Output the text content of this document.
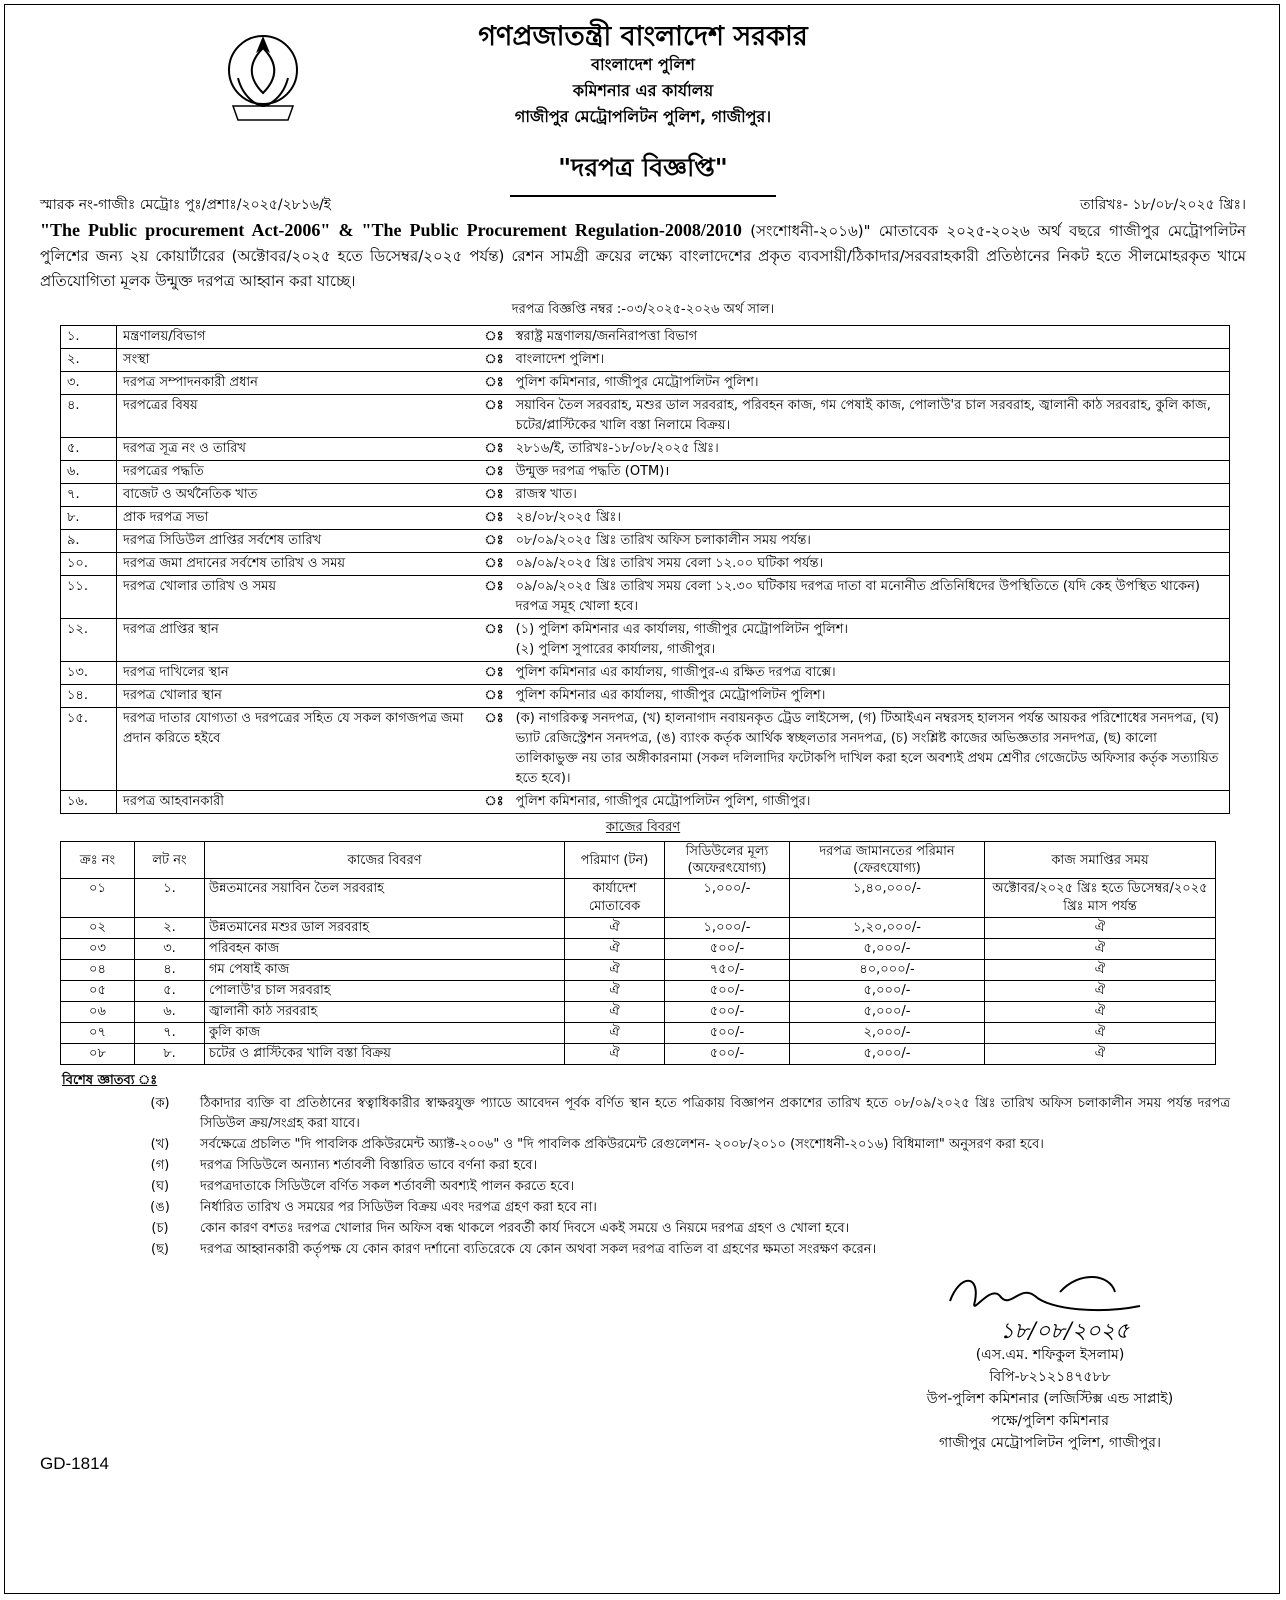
গণপ্রজাতন্ত্রী বাংলাদেশ সরকার
বাংলাদেশ পুলিশ
কমিশনার এর কার্যালয়
গাজীপুর মেট্রোপলিটন পুলিশ, গাজীপুর।
"দরপত্র বিজ্ঞপ্তি"
স্মারক নং-গাজীঃ মেট্রোঃ পুঃ/প্রশাঃ/২০২৫/২৮১৬/ই	তারিখঃ- ১৮/০৮/২০২৫ খ্রিঃ।
"The Public procurement Act-2006" & "The Public Procurement Regulation-2008/2010 (সংশোধনী-২০১৬)" মোতাবেক ২০২৫-২০২৬ অর্থ বছরে গাজীপুর মেট্রোপলিটন পুলিশের জন্য ২য় কোয়ার্টারের (অক্টোবর/২০২৫ হতে ডিসেম্বর/২০২৫ পর্যন্ত) রেশন সামগ্রী ক্রয়ের লক্ষ্যে বাংলাদেশের প্রকৃত ব্যবসায়ী/ঠিকাদার/সরবরাহকারী প্রতিষ্ঠানের নিকট হতে সীলমোহরকৃত খামে প্রতিযোগিতা মূলক উন্মুক্ত দরপত্র আহ্বান করা যাচ্ছে।
দরপত্র বিজ্ঞপ্তি নম্বর :-০৩/২০২৫-২০২৬ অর্থ সাল।
১.	মন্ত্রণালয়/বিভাগ	ঃ	স্বরাষ্ট্র মন্ত্রণালয়/জননিরাপত্তা বিভাগ
২.	সংস্থা	ঃ	বাংলাদেশ পুলিশ।
৩.	দরপত্র সম্পাদনকারী প্রধান	ঃ	পুলিশ কমিশনার, গাজীপুর মেট্রোপলিটন পুলিশ।
৪.	দরপত্রের বিষয়	ঃ	সয়াবিন তৈল সরবরাহ, মশুর ডাল সরবরাহ, পরিবহন কাজ, গম পেষাই কাজ, পোলাউ'র চাল সরবরাহ, জ্বালানী কাঠ সরবরাহ, কুলি কাজ, চটের/প্লাস্টিকের খালি বস্তা নিলামে বিক্রয়।
৫.	দরপত্র সূত্র নং ও তারিখ	ঃ	২৮১৬/ই, তারিখঃ-১৮/০৮/২০২৫ খ্রিঃ।
৬.	দরপত্রের পদ্ধতি	ঃ	উন্মুক্ত দরপত্র পদ্ধতি (OTM)।
৭.	বাজেট ও অর্থনৈতিক খাত	ঃ	রাজস্ব খাত।
৮.	প্রাক দরপত্র সভা	ঃ	২৪/০৮/২০২৫ খ্রিঃ।
৯.	দরপত্র সিডিউল প্রাপ্তির সর্বশেষ তারিখ	ঃ	০৮/০৯/২০২৫ খ্রিঃ তারিখ অফিস চলাকালীন সময় পর্যন্ত।
১০.	দরপত্র জমা প্রদানের সর্বশেষ তারিখ ও সময়	ঃ	০৯/০৯/২০২৫ খ্রিঃ তারিখ সময় বেলা ১২.০০ ঘটিকা পর্যন্ত।
১১.	দরপত্র খোলার তারিখ ও সময়	ঃ	০৯/০৯/২০২৫ খ্রিঃ তারিখ সময় বেলা ১২.৩০ ঘটিকায় দরপত্র দাতা বা মনোনীত প্রতিনিধিদের উপস্থিতিতে (যদি কেহ উপস্থিত থাকেন) দরপত্র সমূহ খোলা হবে।
১২.	দরপত্র প্রাপ্তির স্থান	ঃ	(১) পুলিশ কমিশনার এর কার্যালয়, গাজীপুর মেট্রোপলিটন পুলিশ।
(২) পুলিশ সুপারের কার্যালয়, গাজীপুর।
১৩.	দরপত্র দাখিলের স্থান	ঃ	পুলিশ কমিশনার এর কার্যালয়, গাজীপুর-এ রক্ষিত দরপত্র বাক্সে।
১৪.	দরপত্র খোলার স্থান	ঃ	পুলিশ কমিশনার এর কার্যালয়, গাজীপুর মেট্রোপলিটন পুলিশ।
১৫.	দরপত্র দাতার যোগ্যতা ও দরপত্রের সহিত যে সকল কাগজপত্র জমা প্রদান করিতে হইবে	ঃ	(ক) নাগরিকত্ব সনদপত্র, (খ) হালনাগাদ নবায়নকৃত ট্রেড লাইসেন্স, (গ) টিআইএন নম্বরসহ হালসন পর্যন্ত আয়কর পরিশোধের সনদপত্র, (ঘ) ভ্যাট রেজিস্ট্রেশন সনদপত্র, (ঙ) ব্যাংক কর্তৃক আর্থিক স্বচ্ছলতার সনদপত্র, (চ) সংশ্লিষ্ট কাজের অভিজ্ঞতার সনদপত্র, (ছ) কালো তালিকাভুক্ত নয় তার অঙ্গীকারনামা (সকল দলিলাদির ফটোকপি দাখিল করা হলে অবশ্যই প্রথম শ্রেণীর গেজেটেড অফিসার কর্তৃক সত্যায়িত হতে হবে)।
১৬.	দরপত্র আহবানকারী	ঃ	পুলিশ কমিশনার, গাজীপুর মেট্রোপলিটন পুলিশ, গাজীপুর।
কাজের বিবরণ
ক্রঃ নং	লট নং	কাজের বিবরণ	পরিমাণ (টন)	সিডিউলের মূল্য (অফেরৎযোগ্য)	দরপত্র জামানতের পরিমান (ফেরৎযোগ্য)	কাজ সমাপ্তির সময়
০১	১.	উন্নতমানের সয়াবিন তৈল সরবরাহ	কার্যাদেশ মোতাবেক	১,০০০/-	১,৪০,০০০/-	অক্টোবর/২০২৫ খ্রিঃ হতে ডিসেম্বর/২০২৫ খ্রিঃ মাস পর্যন্ত
০২	২.	উন্নতমানের মশুর ডাল সরবরাহ	ঐ	১,০০০/-	১,২০,০০০/-	ঐ
০৩	৩.	পরিবহন কাজ	ঐ	৫০০/-	৫,০০০/-	ঐ
০৪	৪.	গম পেষাই কাজ	ঐ	৭৫০/-	৪০,০০০/-	ঐ
০৫	৫.	পোলাউ'র চাল সরবরাহ	ঐ	৫০০/-	৫,০০০/-	ঐ
০৬	৬.	জ্বালানী কাঠ সরবরাহ	ঐ	৫০০/-	৫,০০০/-	ঐ
০৭	৭.	কুলি কাজ	ঐ	৫০০/-	২,০০০/-	ঐ
০৮	৮.	চটের ও প্লাস্টিকের খালি বস্তা বিক্রয়	ঐ	৫০০/-	৫,০০০/-	ঐ
বিশেষ জ্ঞাতব্য ঃ
(ক)	ঠিকাদার ব্যক্তি বা প্রতিষ্ঠানের স্বত্বাধিকারীর স্বাক্ষরযুক্ত প্যাডে আবেদন পূর্বক বর্ণিত স্থান হতে পত্রিকায় বিজ্ঞাপন প্রকাশের তারিখ হতে ০৮/০৯/২০২৫ খ্রিঃ তারিখ অফিস চলাকালীন সময় পর্যন্ত দরপত্র সিডিউল ক্রয়/সংগ্রহ করা যাবে।
(খ)	সর্বক্ষেত্রে প্রচলিত "দি পাবলিক প্রকিউরমেন্ট অ্যাক্ট-২০০৬" ও "দি পাবলিক প্রকিউরমেন্ট রেগুলেশন- ২০০৮/২০১০ (সংশোধনী-২০১৬) বিধিমালা" অনুসরণ করা হবে।
(গ)	দরপত্র সিডিউলে অন্যান্য শর্তাবলী বিস্তারিত ভাবে বর্ণনা করা হবে।
(ঘ)	দরপত্রদাতাকে সিডিউলে বর্ণিত সকল শর্তাবলী অবশ্যই পালন করতে হবে।
(ঙ)	নির্ধারিত তারিখ ও সময়ের পর সিডিউল বিক্রয় এবং দরপত্র গ্রহণ করা হবে না।
(চ)	কোন কারণ বশতঃ দরপত্র খোলার দিন অফিস বন্ধ থাকলে পরবর্তী কার্য দিবসে একই সময়ে ও নিয়মে দরপত্র গ্রহণ ও খোলা হবে।
(ছ)	দরপত্র আহ্বানকারী কর্তৃপক্ষ যে কোন কারণ দর্শানো ব্যতিরেকে যে কোন অথবা সকল দরপত্র বাতিল বা গ্রহণের ক্ষমতা সংরক্ষণ করেন।
১৮/০৮/২০২৫
(এস.এম. শফিকুল ইসলাম)
বিপি-৮২১২১৪৭৫৮৮
উপ-পুলিশ কমিশনার (লজিস্টিক্স এন্ড সাপ্লাই)
পক্ষে/পুলিশ কমিশনার
গাজীপুর মেট্রোপলিটন পুলিশ, গাজীপুর।
GD-1814
